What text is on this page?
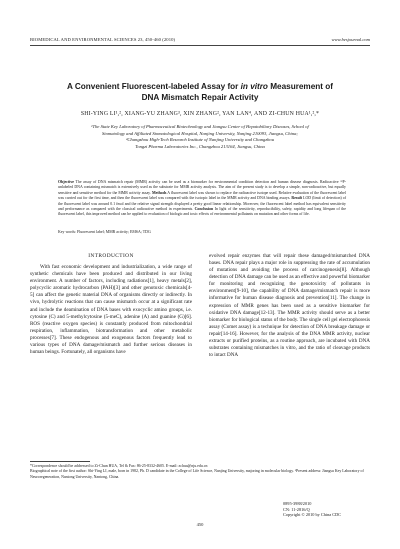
BIOMEDICAL AND ENVIRONMENTAL SCIENCES 23, 450-460 (2010)	www.besjournal.com
A Convenient Fluorescent-labeled Assay for in vitro Measurement of
DNA Mismatch Repair Activity
SHI-YING LI¹,², XIANG-YU ZHANG³, XIN ZHANG², YAN LAN⁴, AND ZI-CHUN HUA¹,²,*
¹The State Key Laboratory of Pharmaceutical Biotechnology and Jiangsu Center of Hepatobiliary Diseases, School of
Stomatology and Affiliated Stomatological Hospital, Nanjing University, Nanjing 210093, Jiangsu, China;
²Changzhou High-Tech Research Institute of Nanjing University and Changzhou
Tongzi Pharma Laboratories Inc., Changzhou 213164, Jiangsu, China
Objective The assay of DNA mismatch repair (MMR) activity can be used as a biomarker for environmental condition detection and human disease diagnosis. Radioactive ³²P-unlabeled DNA containing mismatch is extensively used as the substrate for MMR activity analysis. The aim of the present study is to develop a simple, non-radioactive, but equally sensitive and sensitive method for the MMR activity assay. Methods A fluorescent label was shown to replace the radioactive isotope used. Relative evaluation of the fluorescent label was carried out for the first time, and then the fluorescent label was compared with the isotopic label in the MMR activity and DNA binding assays. Result LOD (limit of detection) of the fluorescent label was around 0.1 fmol and the relative signal strength displayed a pretty good linear relationship. Moreover, the fluorescent label method has equivalent sensitivity and performance as compared with the classical radioactive method in experiments. Conclusion In light of the sensitivity, reproducibility, safety, rapidity and long lifespan of the fluorescent label, this improved method can be applied to evaluation of biologic and toxic effects of environmental pollutants on mutation and other forms of life.
Key words: Fluorescent label; MMR activity; EMSA; TDG
INTRODUCTION
With fast economic development and industrialization, a wide range of synthetic chemicals have been produced and distributed in our living environment. A number of factors, including radiations[1], heavy metals[2], polycyclic aromatic hydrocarbon (PAH)[3] and other genotoxic chemicals[4-5] can affect the genetic material DNA of organisms directly or indirectly. In vivo, hydrolytic reactions that can cause mismatch occur at a significant rate and include the deamination of DNA bases with exocyclic amino groups, i.e. cytosine (C) and 5-methylcytosine (5-meC), adenine (A) and guanine (G)[6]. ROS (reactive oxygen species) is constantly produced from mitochondrial respiration, inflammation, biotransformation and other metabolic processes[7]. These endogenous and exogenous factors frequently lead to various types of DNA damage/mismatch and further serious diseases in human beings. Fortunately, all organisms have
evolved repair enzymes that will repair these damaged/mismatched DNA bases. DNA repair plays a major role in suppressing the rate of accumulation of mutations and avoiding the process of carcinogenesis[8]. Although detection of DNA damage can be used as an effective and powerful biomarker for monitoring and recognizing the genotoxicity of pollutants in environment[9-10], the capability of DNA damage/mismatch repair is more informative for human disease diagnosis and prevention[11]. The change in expression of MMR genes has been used as a sensitive biomarker for oxidative DNA damage[12-13]. The MMR activity should serve as a better biomarker for biological status of the body. The single cell gel electrophoresis assay (Comet assay) is a technique for detection of DNA breakage damage or repair[14-16]. However, for the analysis of the DNA MMR activity, nuclear extracts or purified proteins, as a routine approach, are incubated with DNA substrates containing mismatches in vitro, and the ratio of cleavage products to intact DNA
*Correspondence should be addressed to Zi-Chun HUA, Tel & Fax: 86-25-8332-4605. E-mail: zchua@nju.edu.cn
Biographical note of the first author: Shi-Ying LI, male, born in 1982, Ph. D candidate in the College of Life Science, Nanjing University, majoring in molecular biology. ³Present address: Jiangsu Key Laboratory of Neuroregeneration, Nantong University, Nantong, China.
0895-3988/2010
CN: 11-2816/Q
Copyright © 2010 by China CDC
450
